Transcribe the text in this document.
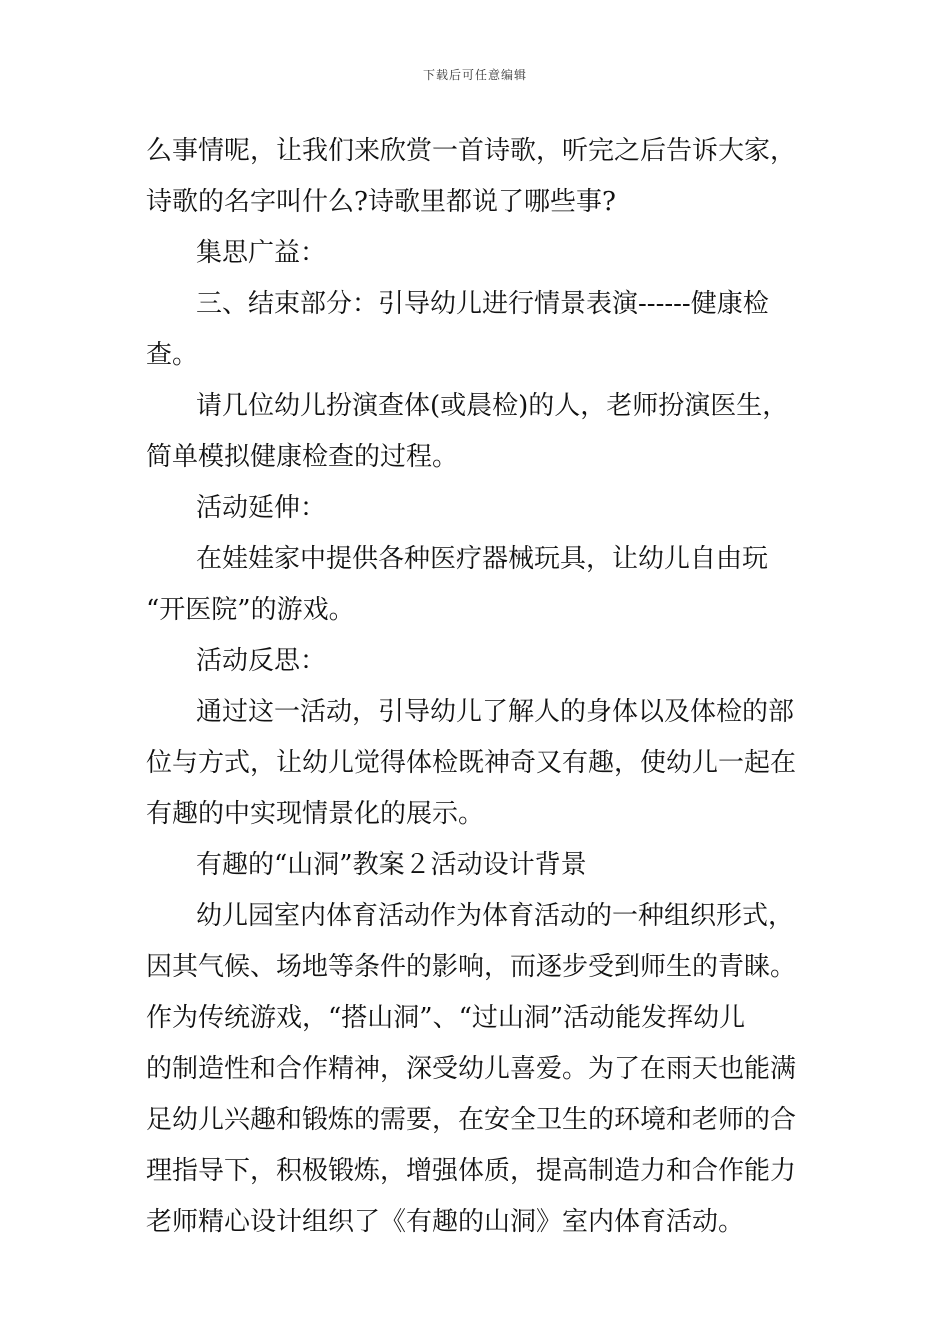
下载后可任意编辑
么事情呢，让我们来欣赏一首诗歌，听完之后告诉大家，
诗歌的名字叫什么?诗歌里都说了哪些事?
集思广益：
三、结束部分：引导幼儿进行情景表演------健康检
查。
请几位幼儿扮演查体(或晨检)的人，老师扮演医生，
简单模拟健康检查的过程。
活动延伸：
在娃娃家中提供各种医疗器械玩具，让幼儿自由玩
“开医院”的游戏。
活动反思：
通过这一活动，引导幼儿了解人的身体以及体检的部
位与方式，让幼儿觉得体检既神奇又有趣，使幼儿一起在
有趣的中实现情景化的展示。
有趣的“山洞”教案２活动设计背景
幼儿园室内体育活动作为体育活动的一种组织形式，
因其气候、场地等条件的影响，而逐步受到师生的青睐。
作为传统游戏，“搭山洞”、“过山洞”活动能发挥幼儿
的制造性和合作精神，深受幼儿喜爱。为了在雨天也能满
足幼儿兴趣和锻炼的需要，在安全卫生的环境和老师的合
理指导下，积极锻炼，增强体质，提高制造力和合作能力
老师精心设计组织了《有趣的山洞》室内体育活动。
